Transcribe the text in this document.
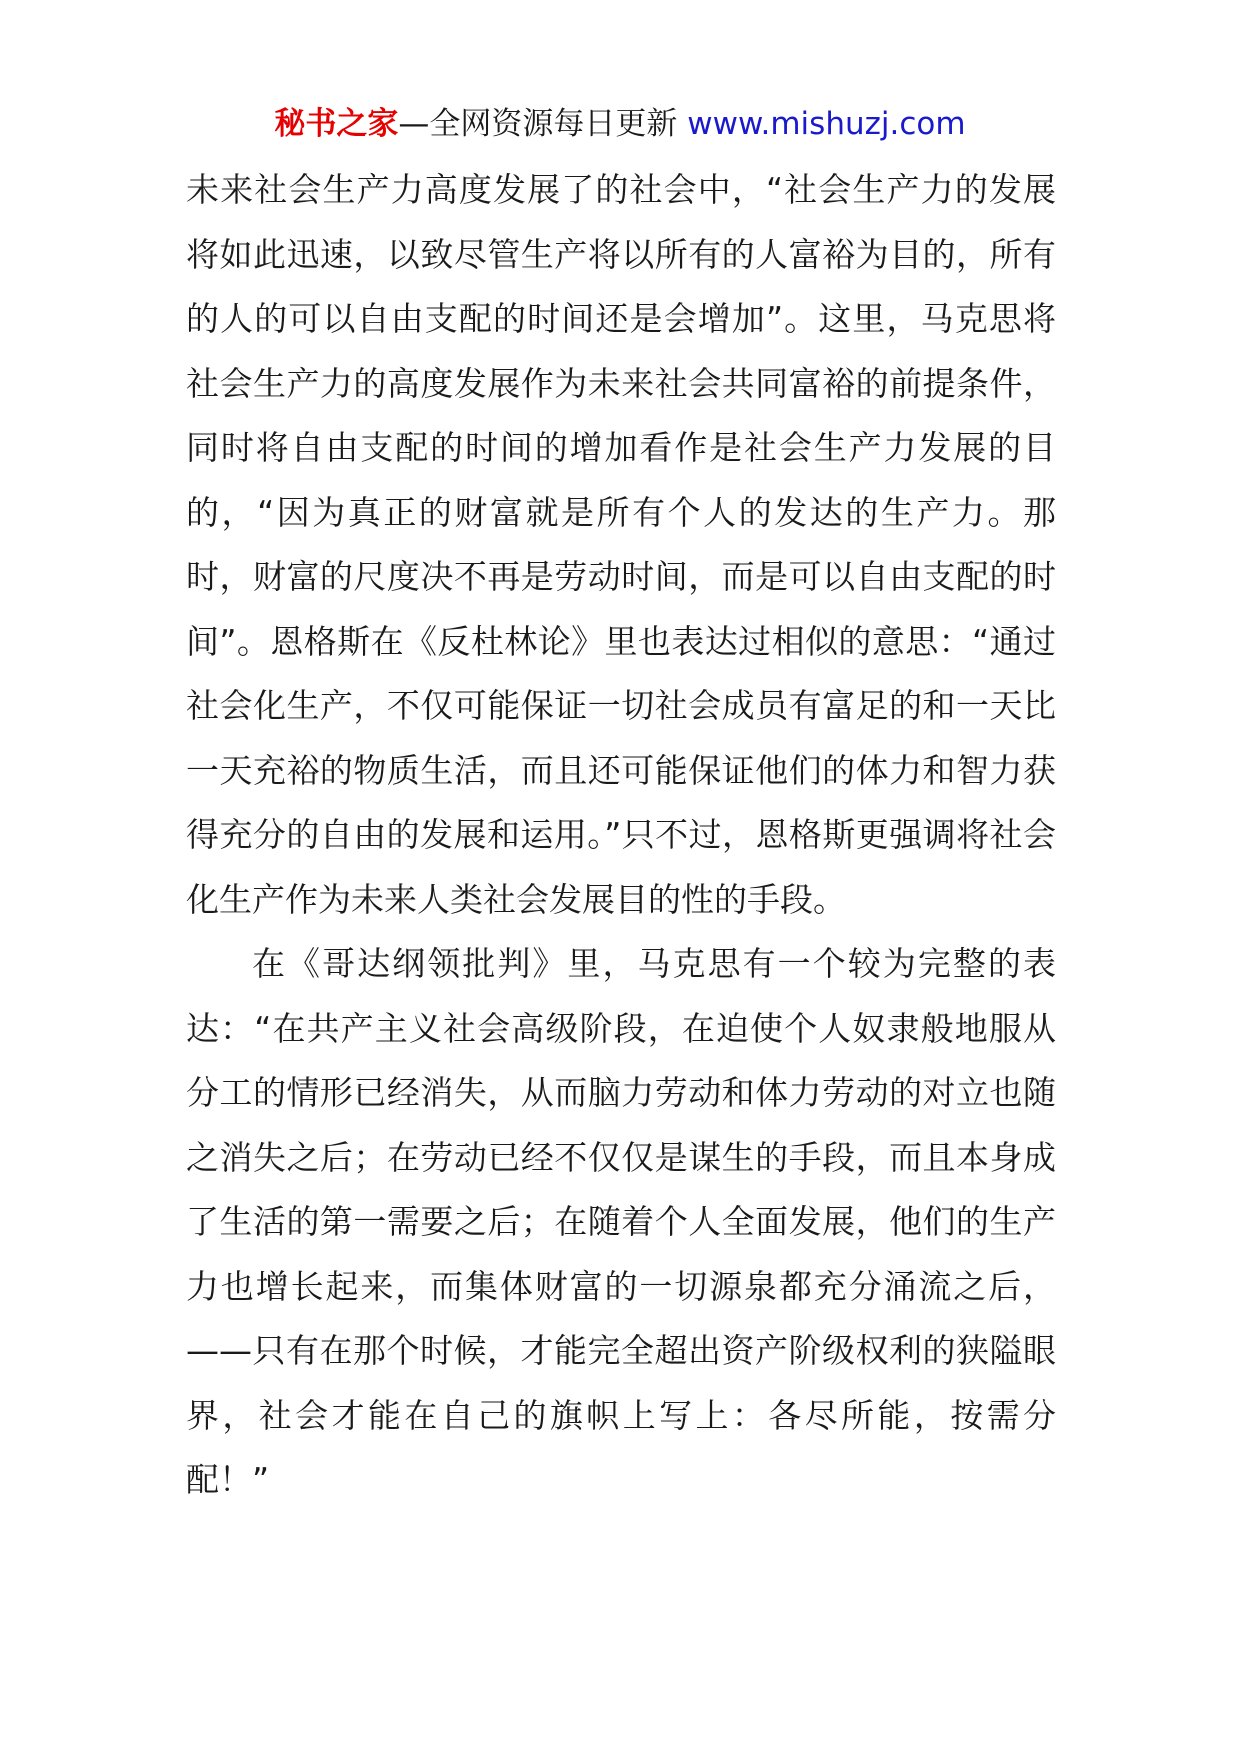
秘书之家—全网资源每日更新 www.mishuzj.com

未来社会生产力高度发展了的社会中，“社会生产力的发展将如此迅速，以致尽管生产将以所有的人富裕为目的，所有的人的可以自由支配的时间还是会增加”。这里，马克思将社会生产力的高度发展作为未来社会共同富裕的前提条件，同时将自由支配的时间的增加看作是社会生产力发展的目的，“因为真正的财富就是所有个人的发达的生产力。那时，财富的尺度决不再是劳动时间，而是可以自由支配的时间”。恩格斯在《反杜林论》里也表达过相似的意思：“通过社会化生产，不仅可能保证一切社会成员有富足的和一天比一天充裕的物质生活，而且还可能保证他们的体力和智力获得充分的自由的发展和运用。”只不过，恩格斯更强调将社会化生产作为未来人类社会发展目的性的手段。

在《哥达纲领批判》里，马克思有一个较为完整的表达：“在共产主义社会高级阶段，在迫使个人奴隶般地服从分工的情形已经消失，从而脑力劳动和体力劳动的对立也随之消失之后；在劳动已经不仅仅是谋生的手段，而且本身成了生活的第一需要之后；在随着个人全面发展，他们的生产力也增长起来，而集体财富的一切源泉都充分涌流之后，——只有在那个时候，才能完全超出资产阶级权利的狭隘眼界，社会才能在自己的旗帜上写上：各尽所能，按需分配！”
